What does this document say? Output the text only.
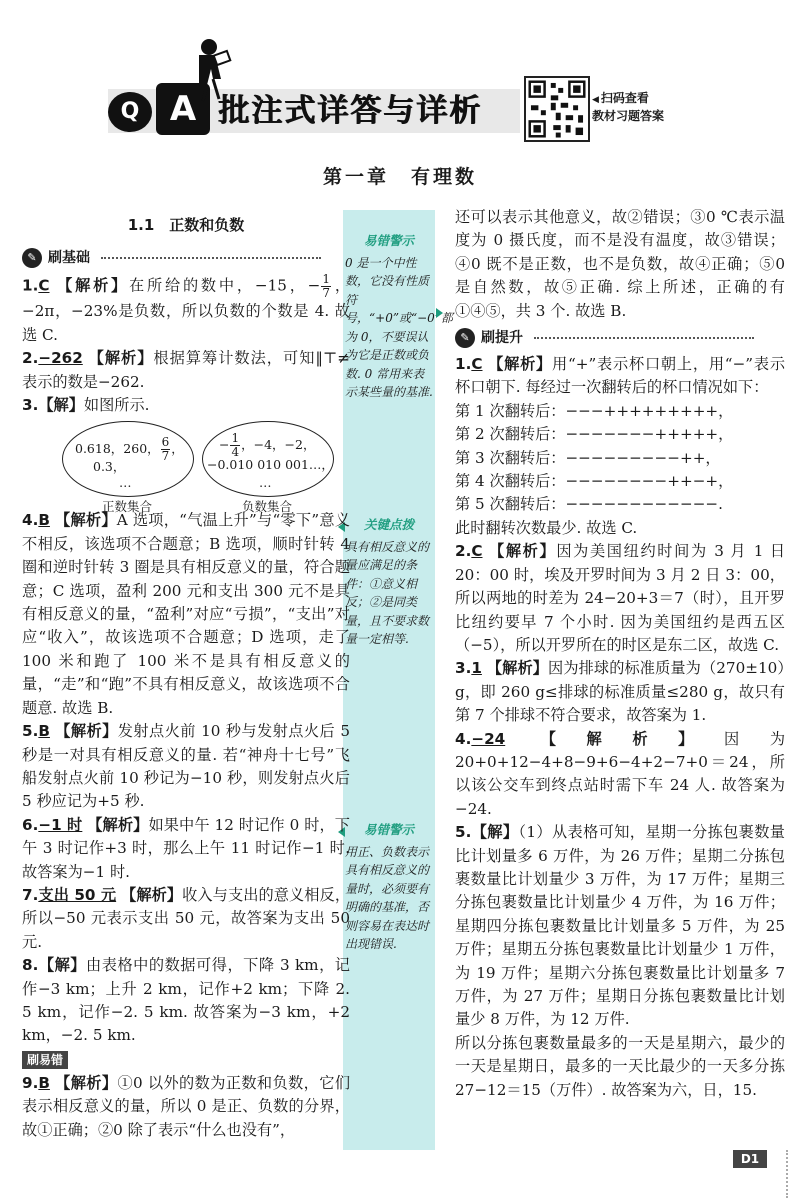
Q A 批注式详答与详析
◀	扫码查看
教材习题答案
第一章　有理数
易错警示
0 是一个中性数，它没有性质符号，“+0”或“−0”都为 0，不要误认为它是正数或负数. 0 常用来表示某些量的基准.
关键点拨
具有相反意义的量应满足的条件：①意义相反；②是同类量，且不要求数量一定相等.
易错警示
用正、负数表示具有相反意义的量时，必须要有明确的基准，否则容易在表达时出现错误.
1.1　正数和负数
✎ 刷基础

1.C 【解析】在所给的数中，−15，− $\frac{1}{7}$ ，−2π，−23%是负数，所以负数的个数是 4. 故选 C.

2.−262 【解析】根据算筹计数法，可知‖⊤≠表示的数是−262.

3.【解】如图所示.

0.618，260， $\frac{6}{7}$ ，
0.3，
…
正数集合
− $\frac{1}{4}$ ，−4，−2，
−0.010 010 001…，
…
负数集合

4.B 【解析】A 选项，“气温上升”与“零下”意义不相反，该选项不合题意；B 选项，顺时针转 4 圈和逆时针转 3 圈是具有相反意义的量，符合题意；C 选项，盈利 200 元和支出 300 元不是具有相反意义的量，“盈利”对应“亏损”，“支出”对应“收入”，故该选项不合题意；D 选项，走了 100 米和跑了 100 米不是具有相反意义的量，“走”和“跑”不具有相反意义，故该选项不合题意. 故选 B.

5.B 【解析】发射点火前 10 秒与发射点火后 5 秒是一对具有相反意义的量. 若“神舟十七号”飞船发射点火前 10 秒记为−10 秒，则发射点火后 5 秒应记为+5 秒.

6.−1 时 【解析】如果中午 12 时记作 0 时，下午 3 时记作+3 时，那么上午 11 时记作−1 时. 故答案为−1 时.

7.支出 50 元 【解析】收入与支出的意义相反，所以−50 元表示支出 50 元，故答案为支出 50 元.

8.【解】由表格中的数据可得，下降 3 km，记作−3 km；上升 2 km，记作+2 km；下降 2. 5 km，记作−2. 5 km. 故答案为−3 km，+2 km，−2. 5 km.

刷易错

9.B 【解析】①0 以外的数为正数和负数，它们表示相反意义的量，所以 0 是正、负数的分界，故①正确；②0 除了表示“什么也没有”，

还可以表示其他意义，故②错误；③0 ℃表示温度为 0 摄氏度，而不是没有温度，故③错误；④0 既不是正数，也不是负数，故④正确；⑤0 是自然数，故⑤正确. 综上所述，正确的有①④⑤，共 3 个. 故选 B.

✎ 刷提升

1.C 【解析】用“+”表示杯口朝上，用“−”表示杯口朝下. 每经过一次翻转后的杯口情况如下：

第 1 次翻转后：−−−+++++++++，

第 2 次翻转后：−−−−−−−+++++，

第 3 次翻转后：−−−−−−−−−++，

第 4 次翻转后：−−−−−−−−++−+，

第 5 次翻转后：−−−−−−−−−−−−.

此时翻转次数最少. 故选 C.

2.C 【解析】因为美国纽约时间为 3 月 1 日 20：00 时，埃及开罗时间为 3 月 2 日 3：00，所以两地的时差为 24−20+3＝7（时），且开罗比纽约要早 7 个小时. 因为美国纽约是西五区（−5），所以开罗所在的时区是东二区，故选 C.

3.1 【解析】因为排球的标准质量为（270±10）g，即 260 g≤排球的标准质量≤280 g，故只有第 7 个排球不符合要求，故答案为 1.

4.−24 【解析】因为 20+0+12−4+8−9+6−4+2−7+0＝24，所以该公交车到终点站时需下车 24 人. 故答案为−24.

5.【解】（1）从表格可知，星期一分拣包裹数量比计划量多 6 万件，为 26 万件；星期二分拣包裹数量比计划量少 3 万件，为 17 万件；星期三分拣包裹数量比计划量少 4 万件，为 16 万件；星期四分拣包裹数量比计划量多 5 万件，为 25 万件；星期五分拣包裹数量比计划量少 1 万件，为 19 万件；星期六分拣包裹数量比计划量多 7 万件，为 27 万件；星期日分拣包裹数量比计划量少 8 万件，为 12 万件.

所以分拣包裹数量最多的一天是星期六，最少的一天是星期日，最多的一天比最少的一天多分拣 27−12＝15（万件）. 故答案为六，日，15.

D1
